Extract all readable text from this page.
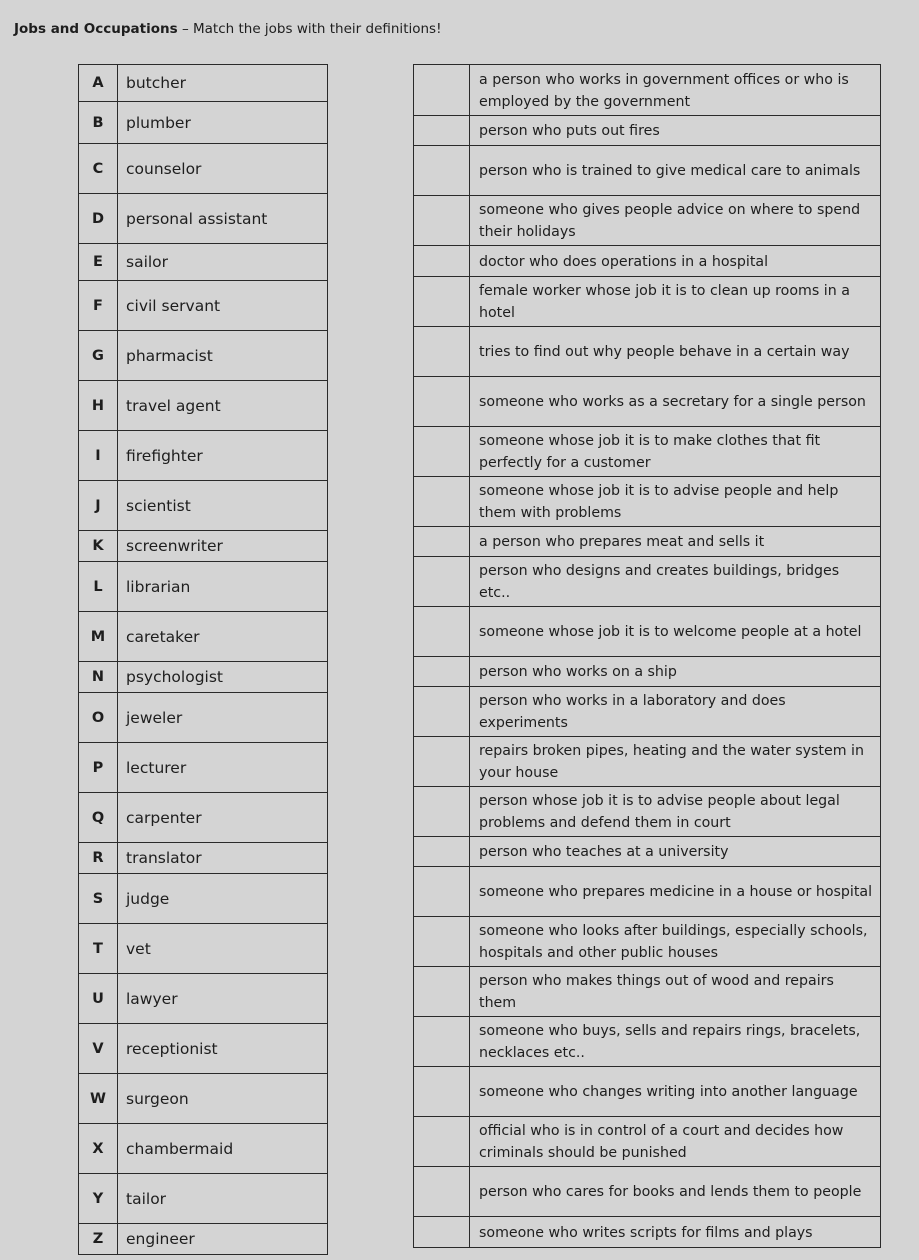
Jobs and Occupations – Match the jobs with their definitions!
A	butcher
B	plumber
C	counselor
D	personal assistant
E	sailor
F	civil servant
G	pharmacist
H	travel agent
I	firefighter
J	scientist
K	screenwriter
L	librarian
M	caretaker
N	psychologist
O	jeweler
P	lecturer
Q	carpenter
R	translator
S	judge
T	vet
U	lawyer
V	receptionist
W	surgeon
X	chambermaid
Y	tailor
Z	engineer
	a person who works in government offices or who is employed by the government
	person who puts out fires
	person who is trained to give medical care to animals
	someone who gives people advice on where to spend their holidays
	doctor who does operations in a hospital
	female worker whose job it is to clean up rooms in a hotel
	tries to find out why people behave in a certain way
	someone who works as a secretary for a single person
	someone whose job it is to make clothes that fit perfectly for a customer
	someone whose job it is to advise people and help them with problems
	a person who prepares meat and sells it
	person who designs and creates buildings, bridges etc..
	someone whose job it is to welcome people at a hotel
	person who works on a ship
	person who works in a laboratory and does experiments
	repairs broken pipes, heating and the water system in your house
	person whose job it is to advise people about legal problems and defend them in court
	person who teaches at a university
	someone who prepares medicine in a house or hospital
	someone who looks after buildings, especially schools, hospitals and other public houses
	person who makes things out of wood and repairs them
	someone who buys, sells and repairs rings, bracelets, necklaces etc..
	someone who changes writing into another language
	official who is in control of a court and decides how criminals should be punished
	person who cares for books and lends them to people
	someone who writes scripts for films and plays
